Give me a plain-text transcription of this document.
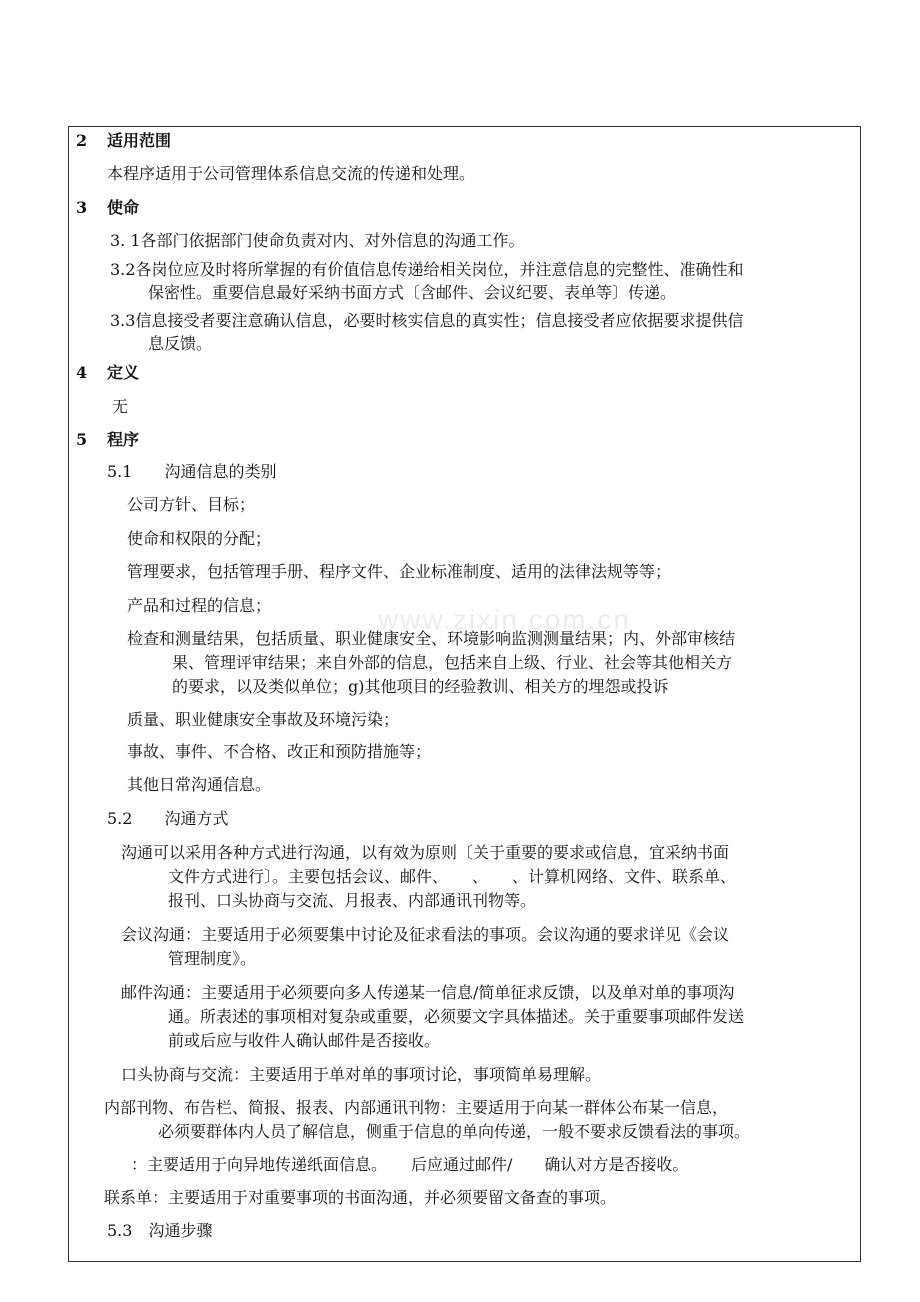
www.zixin.com.cn
2 适用范围
本程序适用于公司管理体系信息交流的传递和处理。
3 使命
3. 1各部门依据部门使命负责对内、对外信息的沟通工作。
3.2各岗位应及时将所掌握的有价值信息传递给相关岗位，并注意信息的完整性、准确性和
保密性。重要信息最好采纳书面方式〔含邮件、会议纪要、表单等〕传递。
3.3信息接受者要注意确认信息，必要时核实信息的真实性；信息接受者应依据要求提供信
息反馈。
4 定义
无
5 程序
5.1　　沟通信息的类别
公司方针、目标；
使命和权限的分配；
管理要求，包括管理手册、程序文件、企业标准制度、适用的法律法规等等；
产品和过程的信息；
检查和测量结果，包括质量、职业健康安全、环境影响监测测量结果；内、外部审核结
果、管理评审结果；来自外部的信息，包括来自上级、行业、社会等其他相关方
的要求，以及类似单位；g)其他项目的经验教训、相关方的埋怨或投诉
质量、职业健康安全事故及环境污染；
事故、事件、不合格、改正和预防措施等；
其他日常沟通信息。
5.2　　沟通方式
沟通可以采用各种方式进行沟通，以有效为原则〔关于重要的要求或信息，宜采纳书面
文件方式进行〕。主要包括会议、邮件、　　、　　、计算机网络、文件、联系单、
报刊、口头协商与交流、月报表、内部通讯刊物等。
会议沟通：主要适用于必须要集中讨论及征求看法的事项。会议沟通的要求详见《会议
管理制度》。
邮件沟通：主要适用于必须要向多人传递某一信息/简单征求反馈，以及单对单的事项沟
通。所表述的事项相对复杂或重要，必须要文字具体描述。关于重要事项邮件发送
前或后应与收件人确认邮件是否接收。
口头协商与交流：主要适用于单对单的事项讨论，事项简单易理解。
内部刊物、布告栏、简报、报表、内部通讯刊物：主要适用于向某一群体公布某一信息，
必须要群体内人员了解信息，侧重于信息的单向传递，一般不要求反馈看法的事项。
：主要适用于向异地传递纸面信息。　　后应通过邮件/　　确认对方是否接收。
联系单：主要适用于对重要事项的书面沟通，并必须要留文备查的事项。
5.3　沟通步骤
